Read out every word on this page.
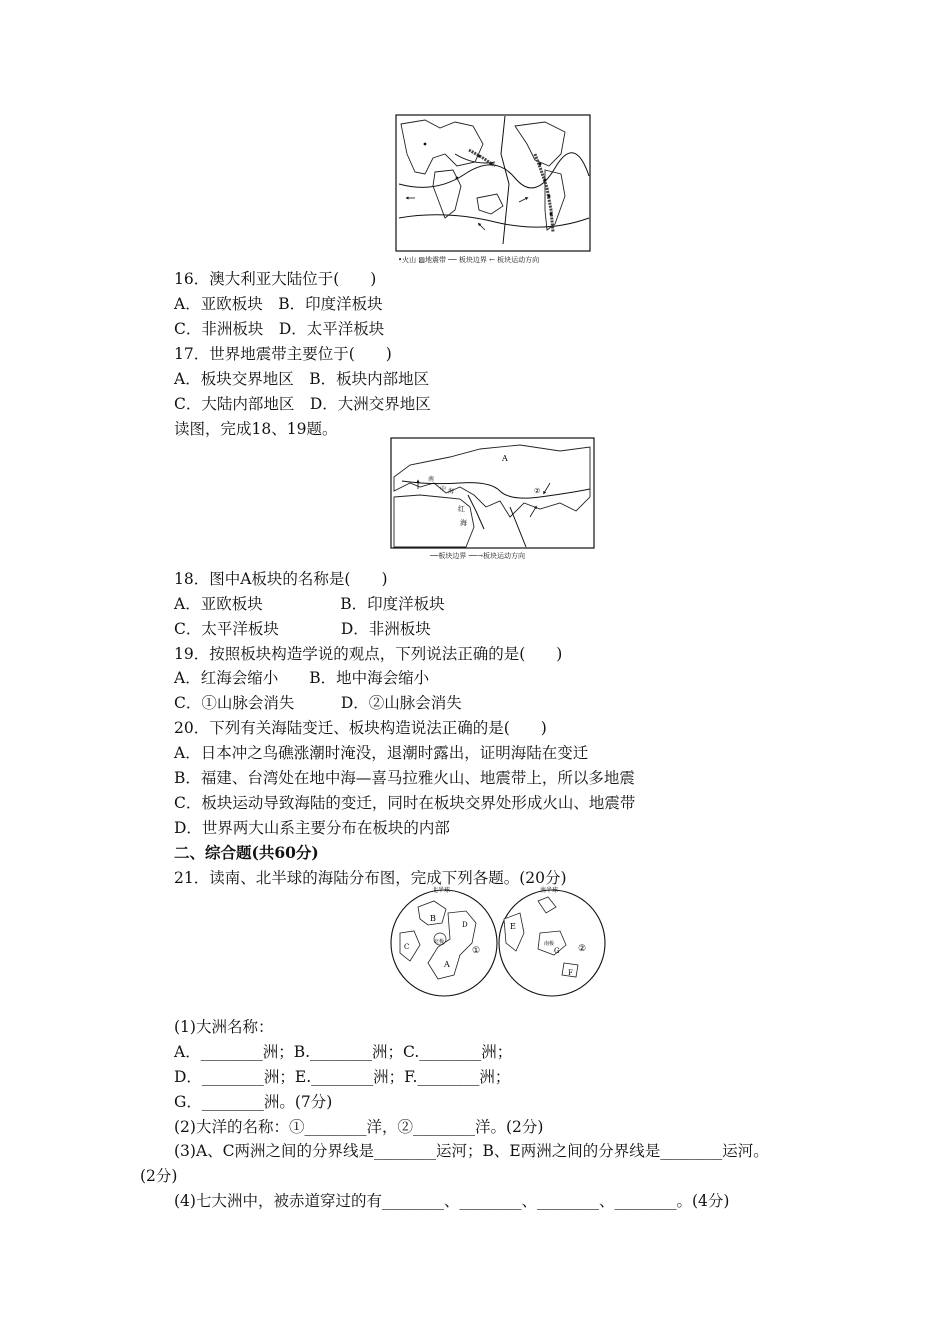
•火山 ▨地震带 ── 板块边界 ← 板块运动方向
16．澳大利亚大陆位于(　　)
A．亚欧板块　B．印度洋板块
C．非洲板块　D．太平洋板块
17．世界地震带主要位于(　　)
A．板块交界地区　B．板块内部地区
C．大陆内部地区　D．大洲交界地区
读图，完成18、19题。
A
②
南
中 海
红
海
──板块边界 ──→板块运动方向
18．图中A板块的名称是(　　)
A．亚欧板块　　　　　B．印度洋板块
C．太平洋板块　　　　D．非洲板块
19．按照板块构造学说的观点，下列说法正确的是(　　)
A．红海会缩小　　B．地中海会缩小
C．①山脉会消失　　　D．②山脉会消失
20．下列有关海陆变迁、板块构造说法正确的是(　　)
A．日本冲之鸟礁涨潮时淹没，退潮时露出，证明海陆在变迁
B．福建、台湾处在地中海—喜马拉雅火山、地震带上，所以多地震
C．板块运动导致海陆的变迁，同时在板块交界处形成火山、地震带
D．世界两大山系主要分布在板块的内部
二、综合题(共60分)
21．读南、北半球的海陆分布图，完成下列各题。(20分)
北半球	南半球
B
C
A
D
北极
①
E
G
南极	②
F
(1)大洲名称：
A．________洲；B.________洲；C.________洲；
D．________洲；E.________洲；F.________洲；
G．________洲。(7分)
(2)大洋的名称：①________洋，②________洋。(2分)
(3)A、C两洲之间的分界线是________运河；B、E两洲之间的分界线是________运河。
(2分)
(4)七大洲中，被赤道穿过的有________、________、________、________。(4分)
